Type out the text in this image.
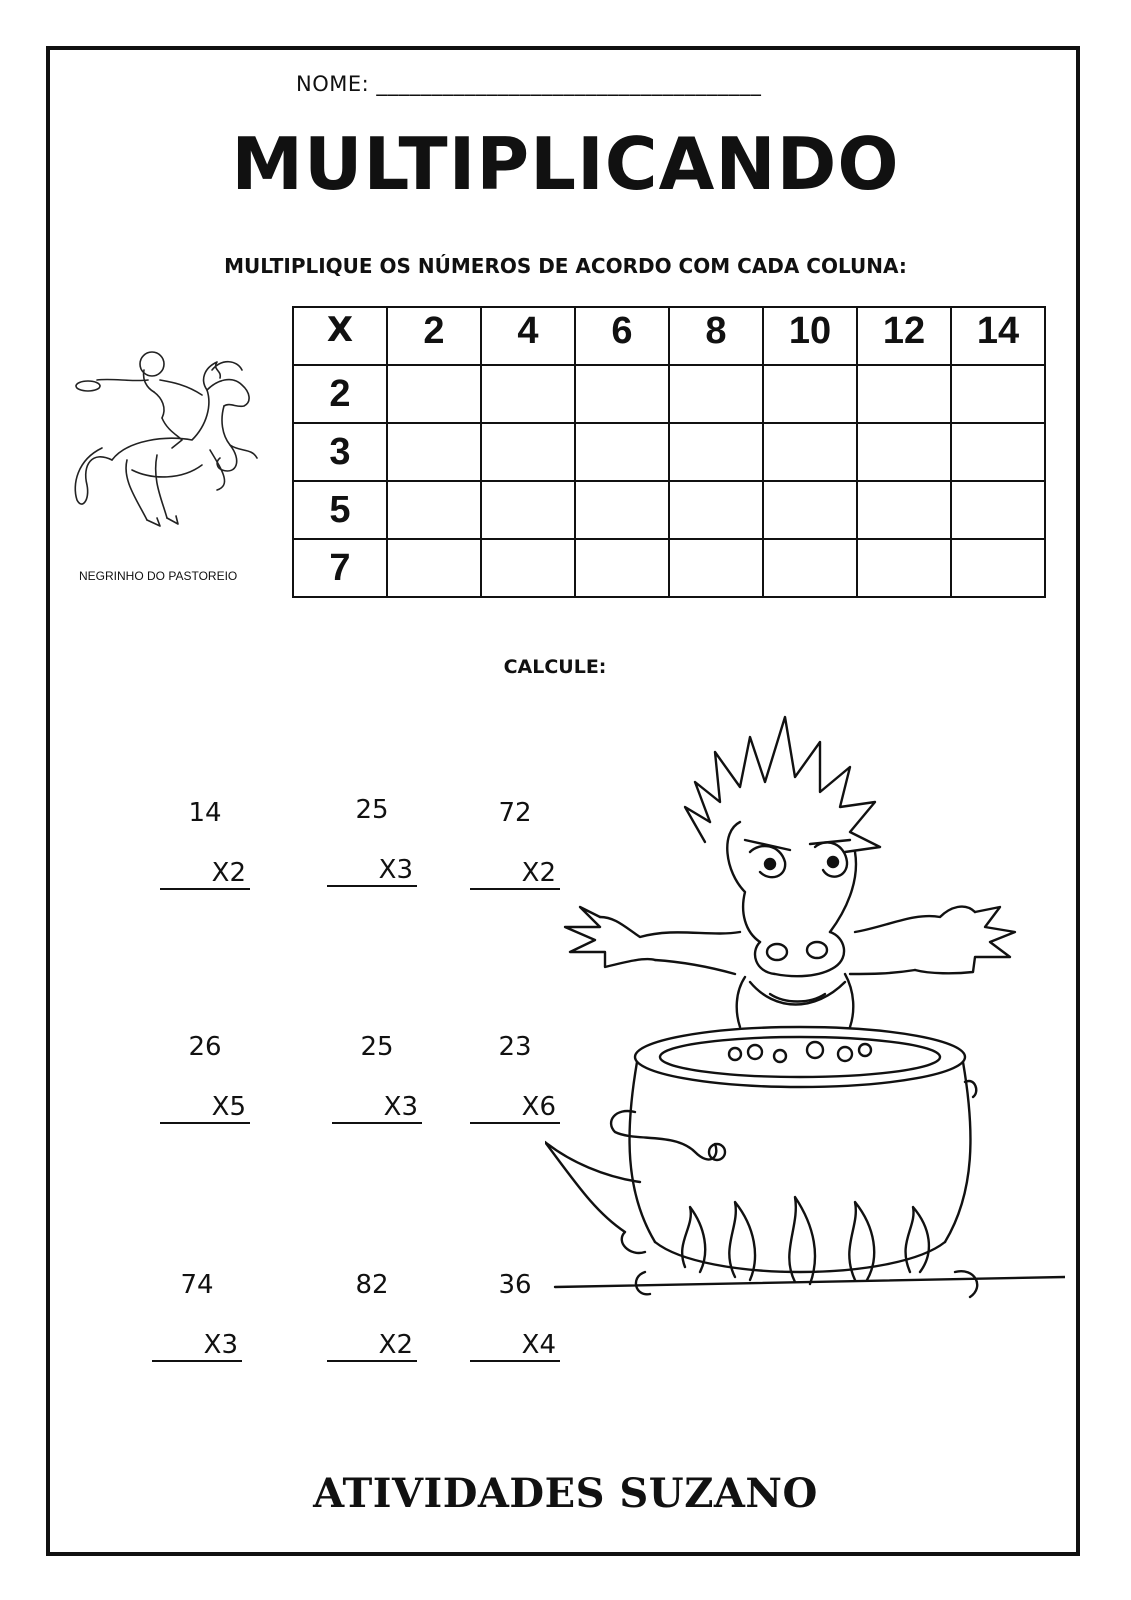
NOME: ___________________________________
MULTIPLICANDO
MULTIPLIQUE OS NÚMEROS DE ACORDO COM CADA COLUNA:
NEGRINHO DO PASTOREIO
X	2	4	6	8	10	12	14
2							
3							
5							
7							
CALCULE:
14
X2
25
X3
72
X2
26
X5
25
X3
23
X6
74
X3
82
X2
36
X4
ATIVIDADES SUZANO
